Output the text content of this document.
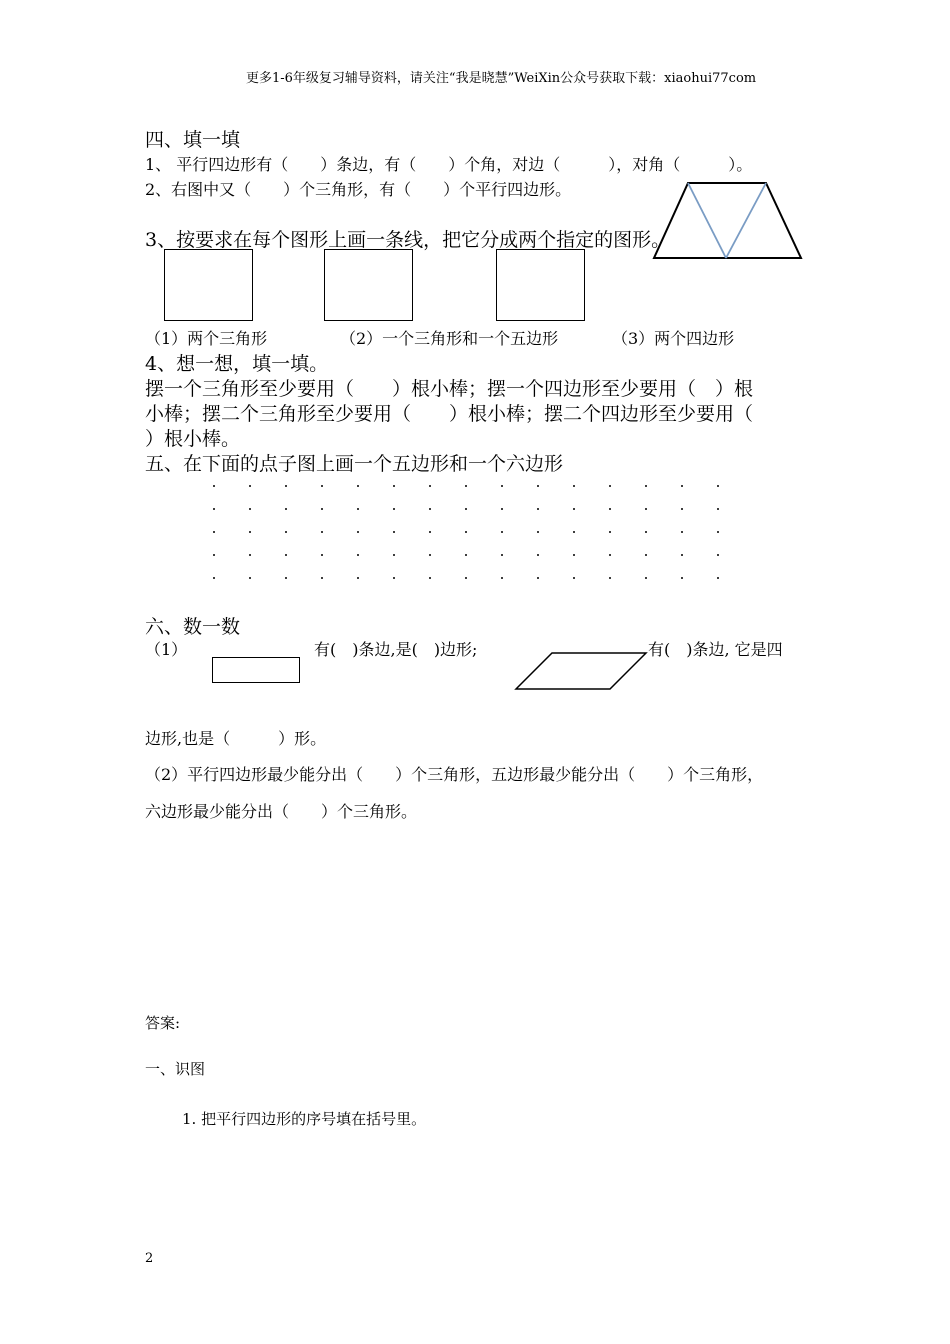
更多1-6年级复习辅导资料，请关注“我是晓慧”WeiXin公众号获取下载：xiaohui77com
四、填一填
1、 平行四边形有（　　）条边，有（　　）个角，对边（　　　），对角（　　　）。
2、右图中又（　　）个三角形，有（　　）个平行四边形。
3、按要求在每个图形上画一条线，把它分成两个指定的图形。
（1）两个三角形	（2）一个三角形和一个五边形	（3）两个四边形
4、想一想，填一填。
摆一个三角形至少要用（　　）根小棒；摆一个四边形至少要用（　）根
小棒；摆二个三角形至少要用（　　）根小棒；摆二个四边形至少要用（
）根小棒。
五、在下面的点子图上画一个五边形和一个六边形
六、数一数
（1）	有(　)条边,是(　)边形;	有(　)条边, 它是四
边形,也是（　　　）形。
（2）平行四边形最少能分出（　　）个三角形，五边形最少能分出（　　）个三角形，
六边形最少能分出（　　）个三角形。
答案:
一、识图
1. 把平行四边形的序号填在括号里。
2
